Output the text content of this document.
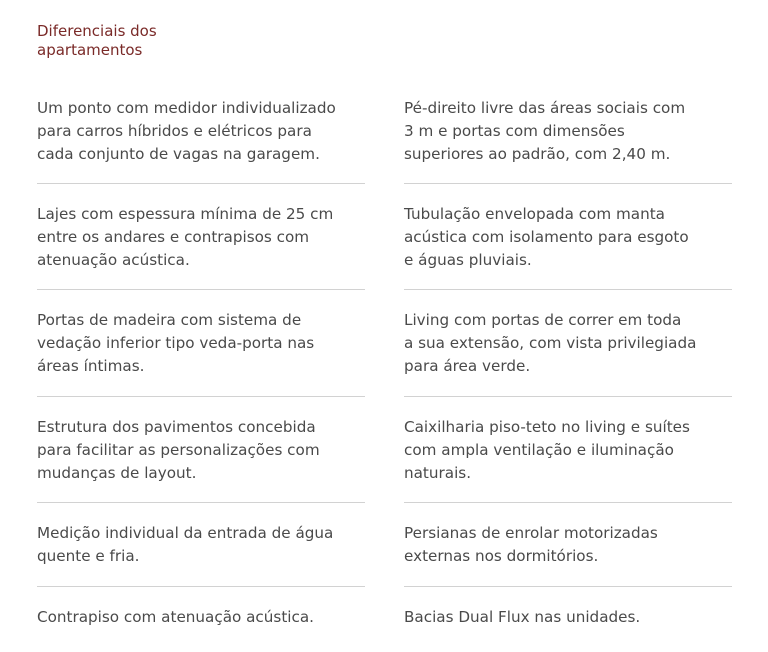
Diferenciais dos
apartamentos

Um ponto com medidor individualizado
para carros híbridos e elétricos para
cada conjunto de vagas na garagem.

Lajes com espessura mínima de 25 cm
entre os andares e contrapisos com
atenuação acústica.

Portas de madeira com sistema de
vedação inferior tipo veda-porta nas
áreas íntimas.

Estrutura dos pavimentos concebida
para facilitar as personalizações com
mudanças de layout.

Medição individual da entrada de água
quente e fria.

Contrapiso com atenuação acústica.

Pé-direito livre das áreas sociais com
3 m e portas com dimensões
superiores ao padrão, com 2,40 m.

Tubulação envelopada com manta
acústica com isolamento para esgoto
e águas pluviais.

Living com portas de correr em toda
a sua extensão, com vista privilegiada
para área verde.

Caixilharia piso-teto no living e suítes
com ampla ventilação e iluminação
naturais.

Persianas de enrolar motorizadas
externas nos dormitórios.

Bacias Dual Flux nas unidades.
